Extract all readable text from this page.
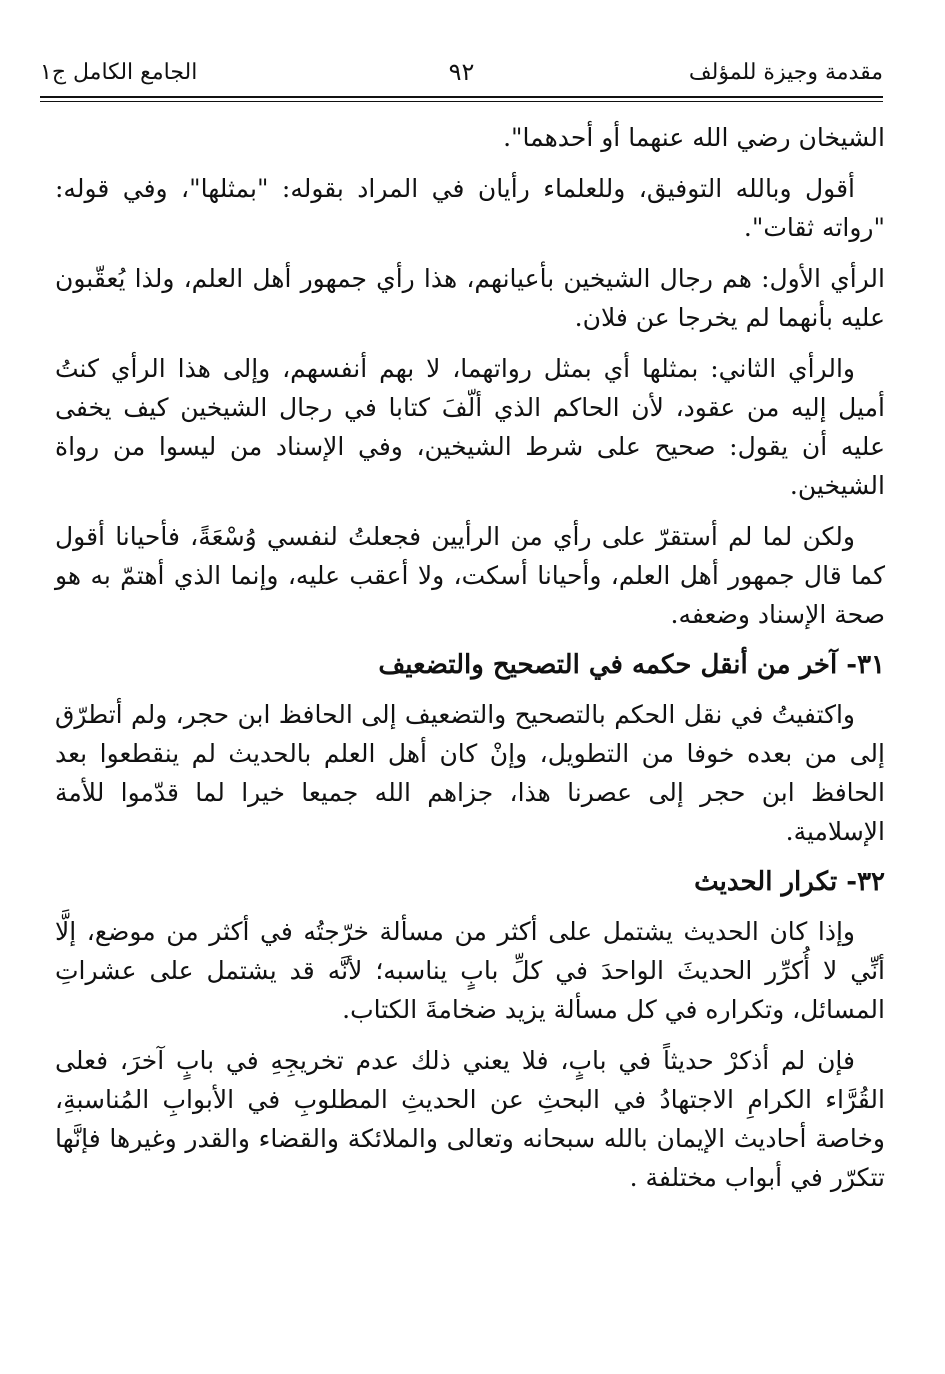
مقدمة وجيزة للمؤلف
٩٢
الجامع الكامل ج١

الشيخان رضي الله عنهما أو أحدهما".

أقول وبالله التوفيق، وللعلماء رأيان في المراد بقوله: "بمثلها"، وفي قوله: "رواته ثقات".

الرأي الأول: هم رجال الشيخين بأعيانهم، هذا رأي جمهور أهل العلم، ولذا يُعقّبون عليه بأنهما لم يخرجا عن فلان.

والرأي الثاني: بمثلها أي بمثل رواتهما، لا بهم أنفسهم، وإلى هذا الرأي كنتُ أميل إليه من عقود، لأن الحاكم الذي ألّفَ كتابا في رجال الشيخين كيف يخفى عليه أن يقول: صحيح على شرط الشيخين، وفي الإسناد من ليسوا من رواة الشيخين.

ولكن لما لم أستقرّ على رأي من الرأيين فجعلتُ لنفسي وُسْعَةً، فأحيانا أقول كما قال جمهور أهل العلم، وأحيانا أسكت، ولا أعقب عليه، وإنما الذي أهتمّ به هو صحة الإسناد وضعفه.

٣١- آخر من أنقل حكمه في التصحيح والتضعيف

واكتفيتُ في نقل الحكم بالتصحيح والتضعيف إلى الحافظ ابن حجر، ولم أتطرّق إلى من بعده خوفا من التطويل، وإنْ كان أهل العلم بالحديث لم ينقطعوا بعد الحافظ ابن حجر إلى عصرنا هذا، جزاهم الله جميعا خيرا لما قدّموا للأمة الإسلامية.

٣٢- تكرار الحديث

وإذا كان الحديث يشتمل على أكثر من مسألة خرّجتُه في أكثر من موضع، إلَّا أنِّي لا أُكرِّر الحديثَ الواحدَ في كلِّ بابٍ يناسبه؛ لأنَّه قد يشتمل على عشراتِ المسائل، وتكراره في كل مسألة يزيد ضخامةَ الكتاب.

فإن لم أذكرْ حديثاً في بابٍ، فلا يعني ذلك عدم تخريجِهِ في بابٍ آخرَ، فعلى القُرَّاء الكرامِ الاجتهادُ في البحثِ عن الحديثِ المطلوبِ في الأبوابِ المُناسبةِ، وخاصة أحاديث الإيمان بالله سبحانه وتعالى والملائكة والقضاء والقدر وغيرها فإنَّها تتكرّر في أبواب مختلفة .
